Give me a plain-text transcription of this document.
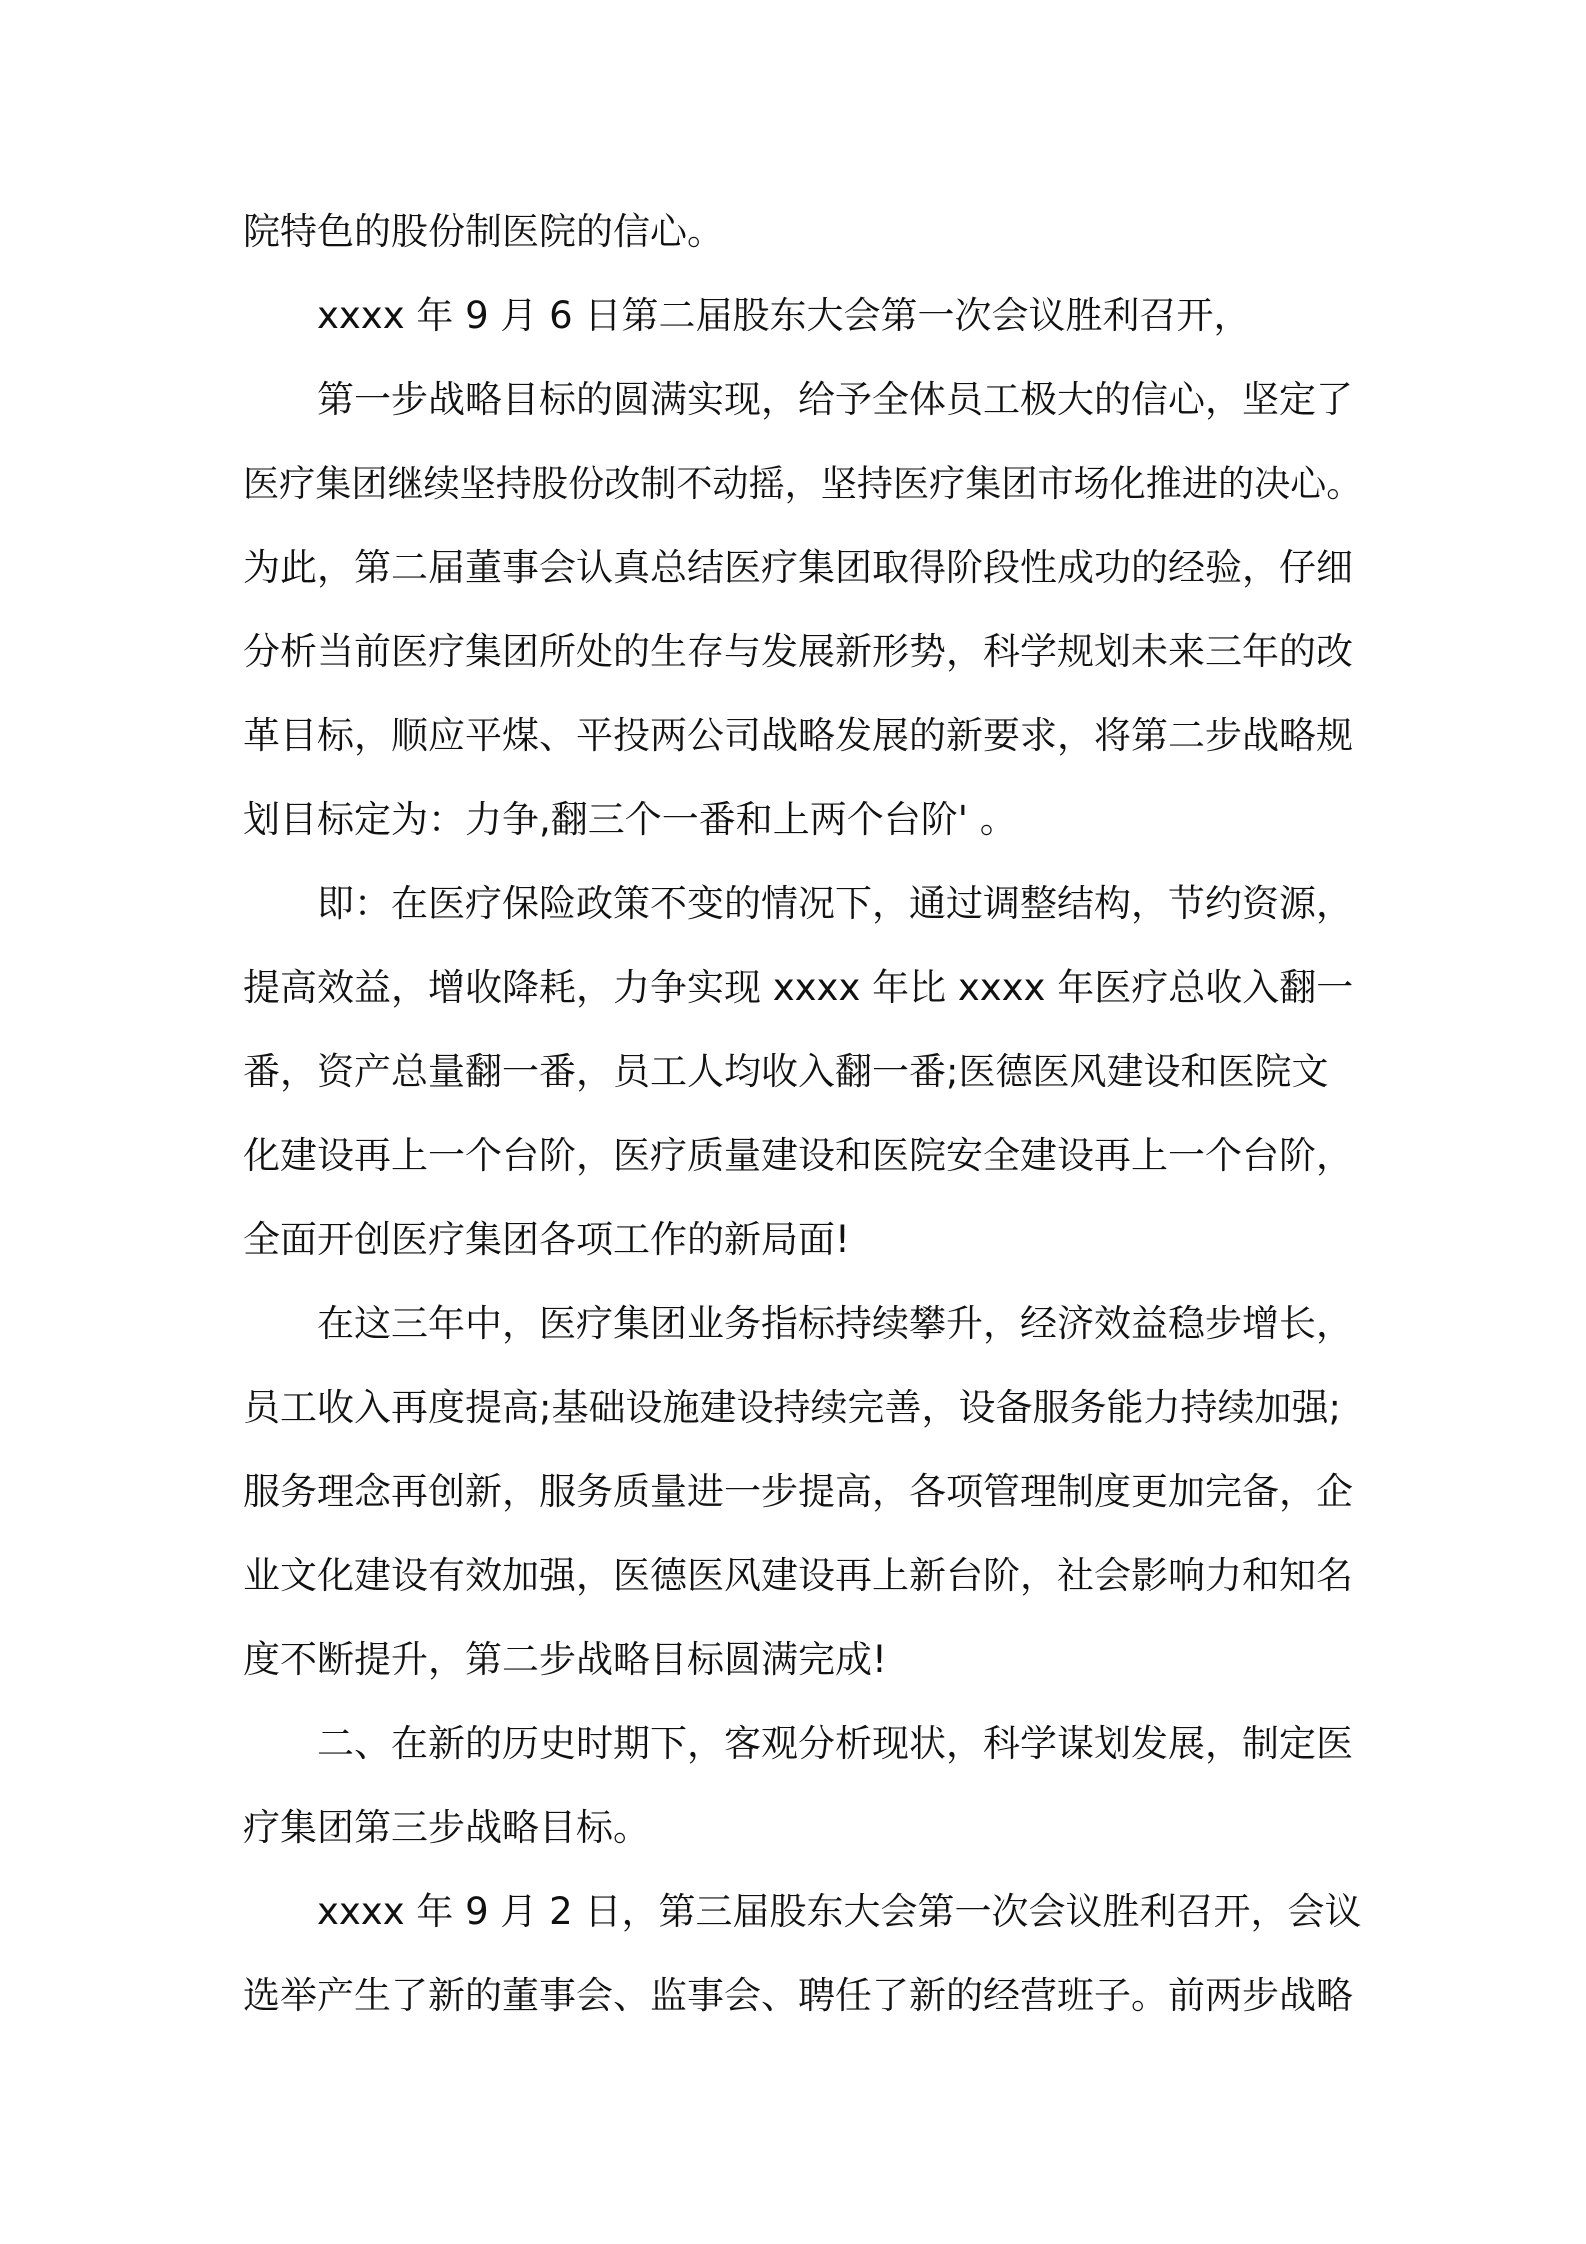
院特色的股份制医院的信心。
xxxx 年 9 月 6 日第二届股东大会第一次会议胜利召开，
第一步战略目标的圆满实现，给予全体员工极大的信心，坚定了
医疗集团继续坚持股份改制不动摇，坚持医疗集团市场化推进的决心。
为此，第二届董事会认真总结医疗集团取得阶段性成功的经验，仔细
分析当前医疗集团所处的生存与发展新形势，科学规划未来三年的改
革目标，顺应平煤、平投两公司战略发展的新要求，将第二步战略规
划目标定为：力争,翻三个一番和上两个台阶' 。
即：在医疗保险政策不变的情况下，通过调整结构，节约资源，
提高效益，增收降耗，力争实现 xxxx 年比 xxxx 年医疗总收入翻一
番，资产总量翻一番，员工人均收入翻一番;医德医风建设和医院文
化建设再上一个台阶，医疗质量建设和医院安全建设再上一个台阶，
全面开创医疗集团各项工作的新局面!
在这三年中，医疗集团业务指标持续攀升，经济效益稳步增长，
员工收入再度提高;基础设施建设持续完善，设备服务能力持续加强;
服务理念再创新，服务质量进一步提高，各项管理制度更加完备，企
业文化建设有效加强，医德医风建设再上新台阶，社会影响力和知名
度不断提升，第二步战略目标圆满完成!
二、在新的历史时期下，客观分析现状，科学谋划发展，制定医
疗集团第三步战略目标。
xxxx 年 9 月 2 日，第三届股东大会第一次会议胜利召开，会议
选举产生了新的董事会、监事会、聘任了新的经营班子。前两步战略
